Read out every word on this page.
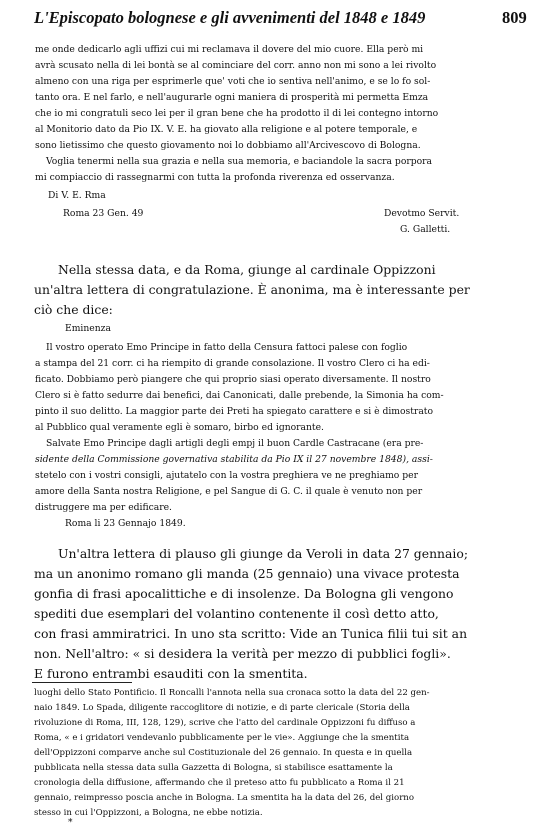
L'Episcopato bolognese e gli avvenimenti del 1848 e 1849	809
me onde dedicarlo agli uffizi cui mi reclamava il dovere del mio cuore. Ella però mi
avrà scusato nella di lei bontà se al cominciare del corr. anno non mi sono a lei rivolto
almeno con una riga per esprimerle que' voti che io sentiva nell'animo, e se lo fo sol-
tanto ora. E nel farlo, e nell'augurarle ogni maniera di prosperità mi permetta Emza
che io mi congratuli seco lei per il gran bene che ha prodotto il di lei contegno intorno
al Monitorio dato da Pio IX. V. E. ha giovato alla religione e al potere temporale, e
sono lietissimo che questo giovamento noi lo dobbiamo all'Arcivescovo di Bologna.
Voglia tenermi nella sua grazia e nella sua memoria, e baciandole la sacra porpora
mi compiaccio di rassegnarmi con tutta la profonda riverenza ed osservanza.
Di V. E. Rma
Roma 23 Gen. 49	Devotmo Servit.
G. Galletti.
Nella stessa data, e da Roma, giunge al cardinale Oppizzoni
un'altra lettera di congratulazione. È anonima, ma è interessante per
ciò che dice:
Eminenza
Il vostro operato Emo Principe in fatto della Censura fattoci palese con foglio
a stampa del 21 corr. ci ha riempito di grande consolazione. Il vostro Clero ci ha edi-
ficato. Dobbiamo però piangere che qui proprio siasi operato diversamente. Il nostro
Clero si è fatto sedurre dai benefici, dai Canonicati, dalle prebende, la Simonia ha com-
pinto il suo delitto. La maggior parte dei Preti ha spiegato carattere e si è dimostrato
al Pubblico qual veramente egli è somaro, birbo ed ignorante.
Salvate Emo Principe dagli artigli degli empj il buon Cardle Castracane (era pre-
sidente della Commissione governativa stabilita da Pio IX il 27 novembre 1848), assi-
stetelo con i vostri consigli, ajutatelo con la vostra preghiera ve ne preghiamo per
amore della Santa nostra Religione, e pel Sangue di G. C. il quale è venuto non per
distruggere ma per edificare.
Roma li 23 Gennajo 1849.
Un'altra lettera di plauso gli giunge da Veroli in data 27 gennaio;
ma un anonimo romano gli manda (25 gennaio) una vivace protesta
gonfia di frasi apocalittiche e di insolenze. Da Bologna gli vengono
spediti due esemplari del volantino contenente il così detto atto,
con frasi ammiratrici. In uno sta scritto: Vide an Tunica filii tui sit an
non. Nell'altro: « si desidera la verità per mezzo di pubblici fogli».
E furono entrambi esauditi con la smentita.
luoghi dello Stato Pontificio. Il Roncalli l'annota nella sua cronaca sotto la data del 22 gen-
naio 1849. Lo Spada, diligente raccoglitore di notizie, e di parte clericale (Storia della
rivoluzione di Roma, III, 128, 129), scrive che l'atto del cardinale Oppizzoni fu diffuso a
Roma, « e i gridatori vendevanlo pubblicamente per le vie». Aggiunge che la smentita
dell'Oppizzoni comparve anche sul Costituzionale del 26 gennaio. In questa e in quella
pubblicata nella stessa data sulla Gazzetta di Bologna, si stabilisce esattamente la
cronologia della diffusione, affermando che il preteso atto fu pubblicato a Roma il 21
gennaio, reimpresso poscia anche in Bologna. La smentita ha la data del 26, del giorno
stesso in cui l'Oppizzoni, a Bologna, ne ebbe notizia.
*
